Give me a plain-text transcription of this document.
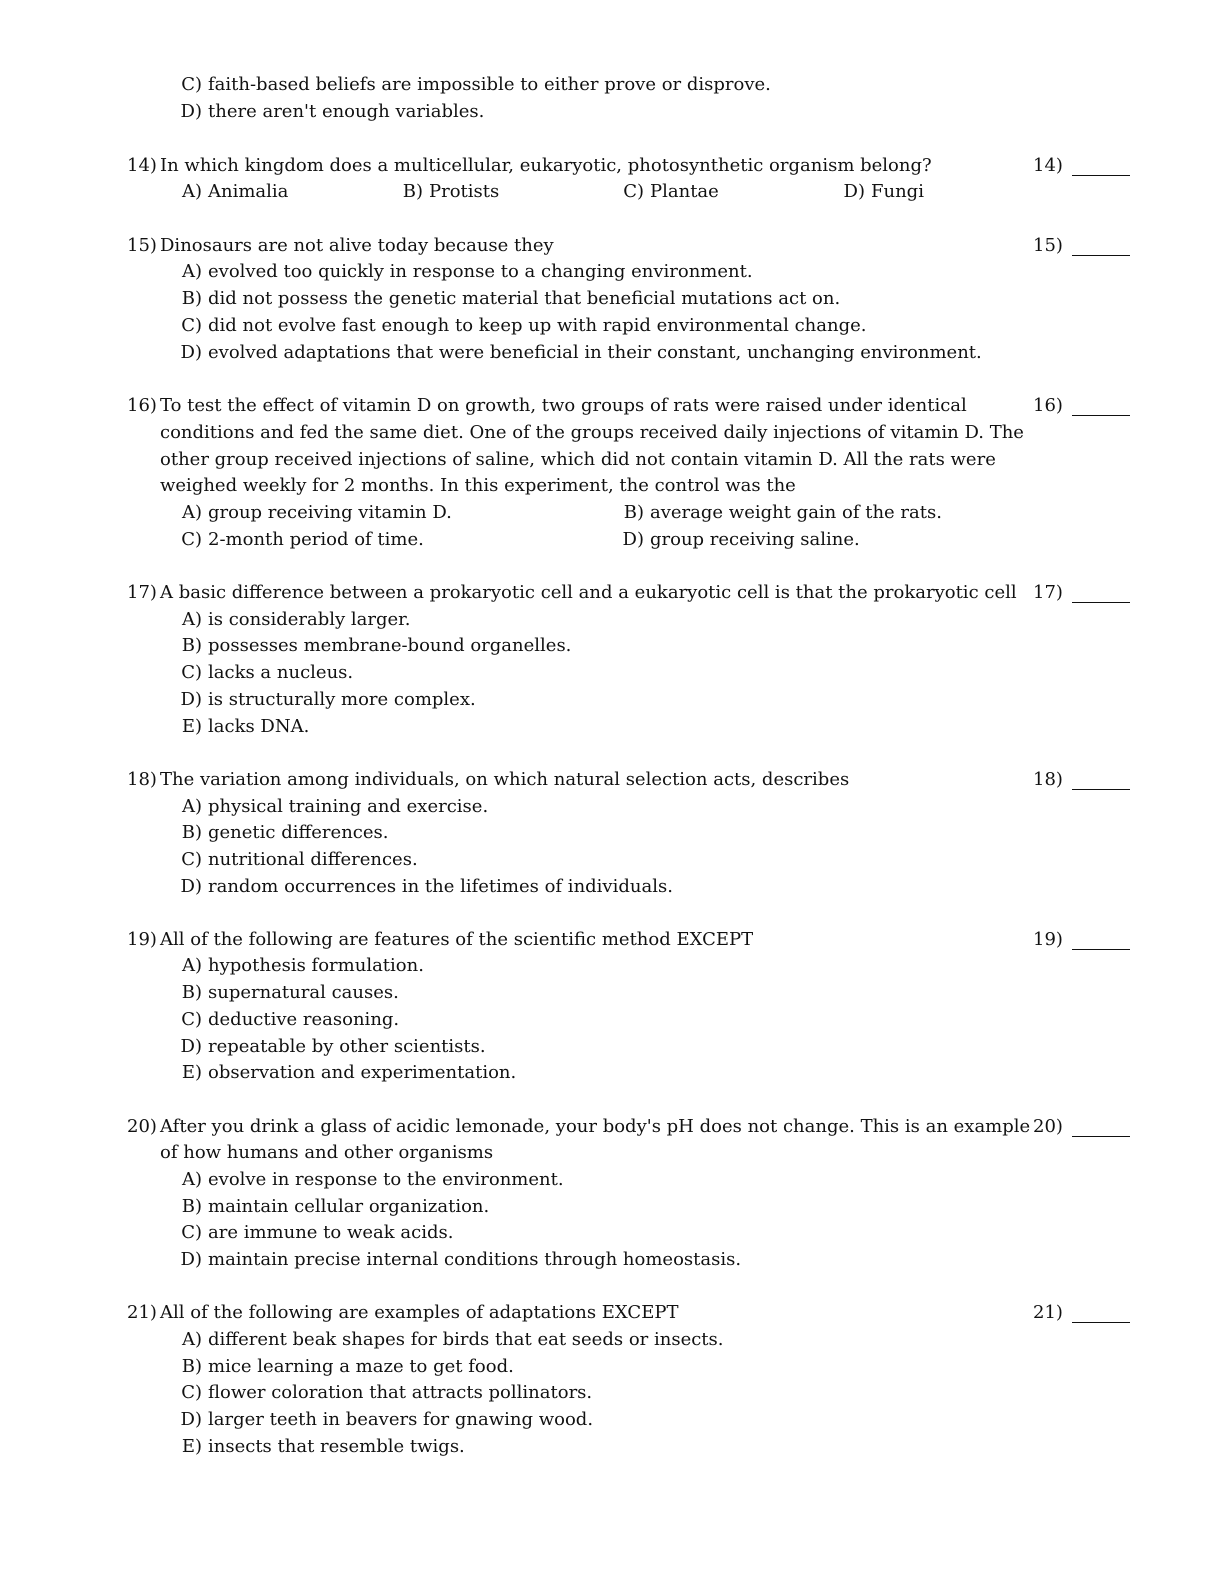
C) faith-based beliefs are impossible to either prove or disprove.
D) there aren't enough variables.
14) In which kingdom does a multicellular, eukaryotic, photosynthetic organism belong?	14)
A) Animalia	B) Protists	C) Plantae	D) Fungi
15) Dinosaurs are not alive today because they	15)
A) evolved too quickly in response to a changing environment.
B) did not possess the genetic material that beneficial mutations act on.
C) did not evolve fast enough to keep up with rapid environmental change.
D) evolved adaptations that were beneficial in their constant, unchanging environment.
16) To test the effect of vitamin D on growth, two groups of rats were raised under identical
conditions and fed the same diet. One of the groups received daily injections of vitamin D. The
other group received injections of saline, which did not contain vitamin D. All the rats were
weighed weekly for 2 months. In this experiment, the control was the
16)
A) group receiving vitamin D.	B) average weight gain of the rats.
C) 2-month period of time.	D) group receiving saline.
17) A basic difference between a prokaryotic cell and a eukaryotic cell is that the prokaryotic cell 17)
A) is considerably larger.
B) possesses membrane-bound organelles.
C) lacks a nucleus.
D) is structurally more complex.
E) lacks DNA.
18) The variation among individuals, on which natural selection acts, describes	18)
A) physical training and exercise.
B) genetic differences.
C) nutritional differences.
D) random occurrences in the lifetimes of individuals.
19) All of the following are features of the scientific method EXCEPT	19)
A) hypothesis formulation.
B) supernatural causes.
C) deductive reasoning.
D) repeatable by other scientists.
E) observation and experimentation.
20) After you drink a glass of acidic lemonade, your body's pH does not change. This is an example
of how humans and other organisms
20)
A) evolve in response to the environment.
B) maintain cellular organization.
C) are immune to weak acids.
D) maintain precise internal conditions through homeostasis.
21) All of the following are examples of adaptations EXCEPT	21)
A) different beak shapes for birds that eat seeds or insects.
B) mice learning a maze to get food.
C) flower coloration that attracts pollinators.
D) larger teeth in beavers for gnawing wood.
E) insects that resemble twigs.
